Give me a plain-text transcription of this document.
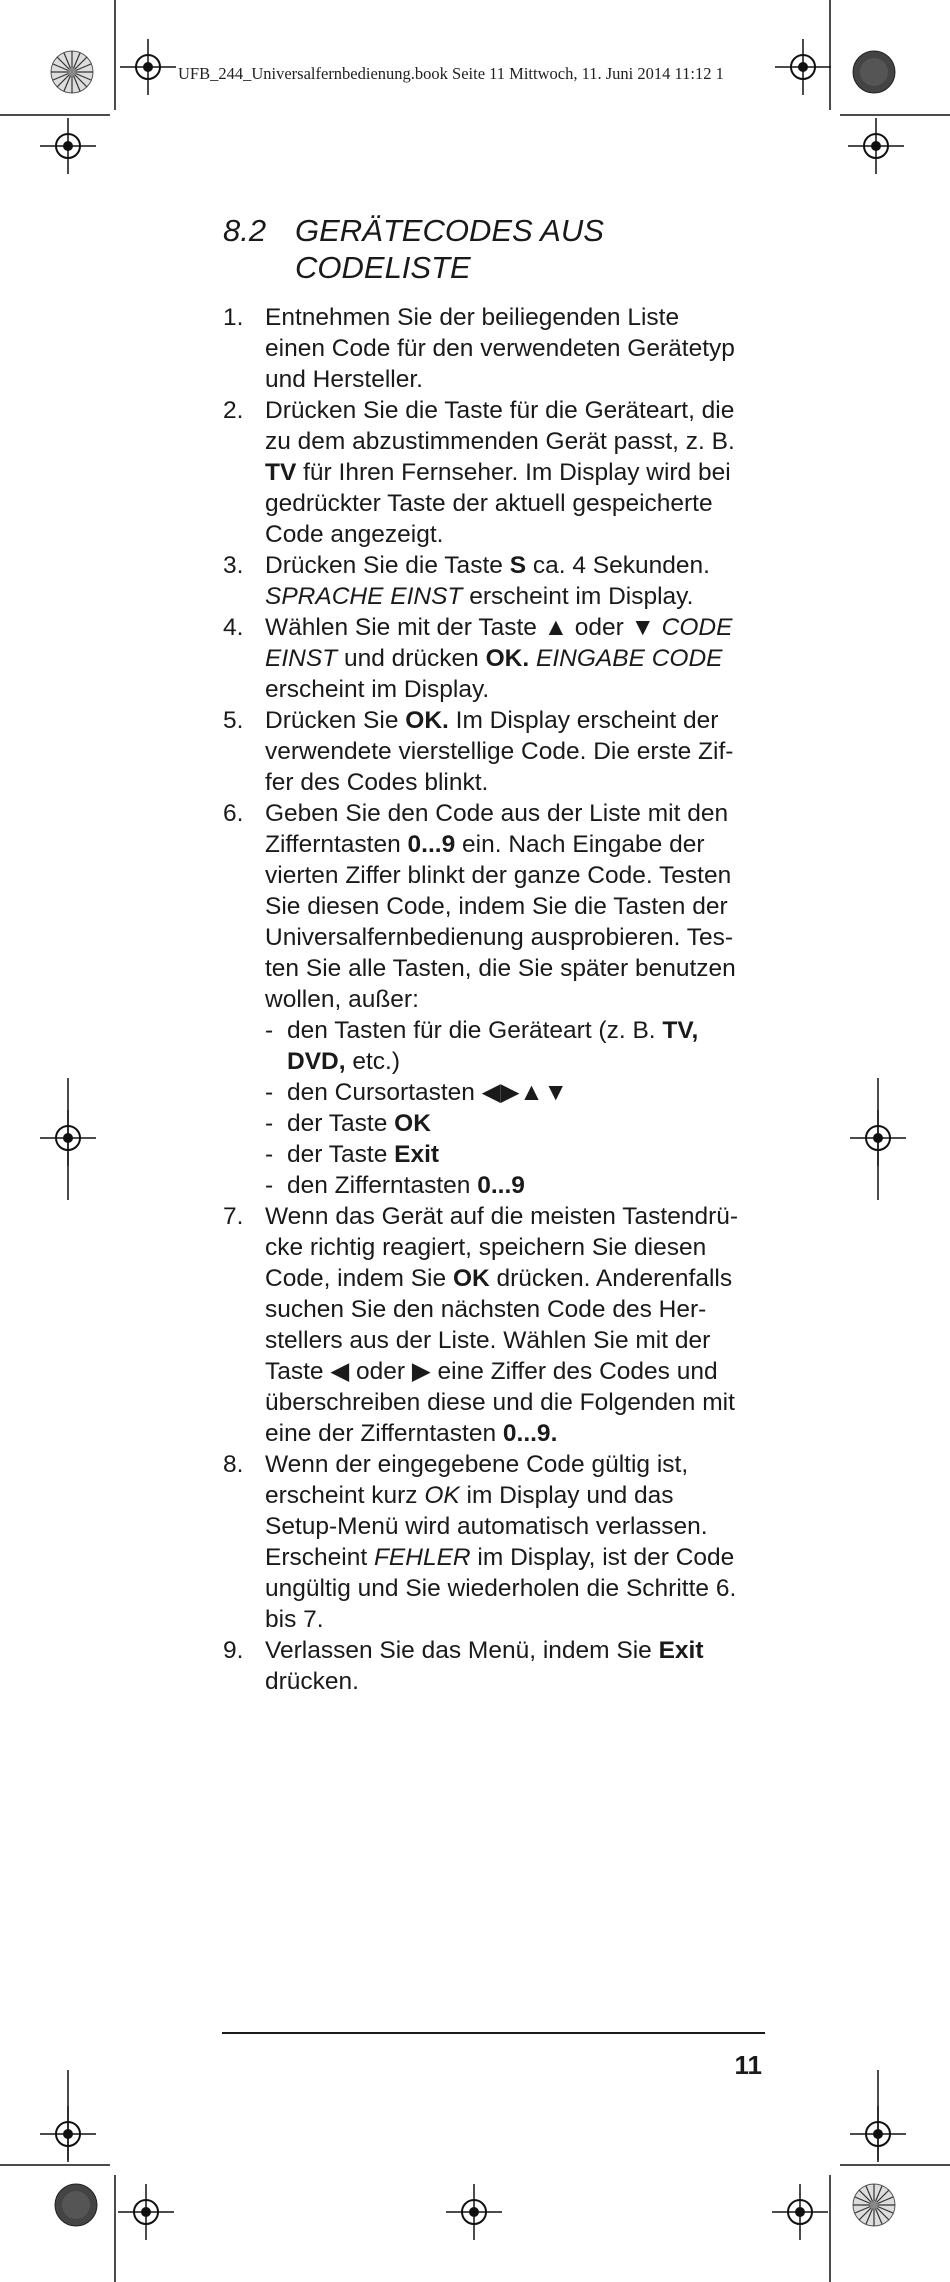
UFB_244_Universalfernbedienung.book Seite 11 Mittwoch, 11. Juni 2014 11:12 1
8.2 GERÄTECODES AUS
CODELISTE
1. Entnehmen Sie der beiliegenden Liste
einen Code für den verwendeten Gerätetyp
und Hersteller.
2. Drücken Sie die Taste für die Geräteart, die
zu dem abzustimmenden Gerät passt, z. B.
TV für Ihren Fernseher. Im Display wird bei
gedrückter Taste der aktuell gespeicherte
Code angezeigt.
3. Drücken Sie die Taste S ca. 4 Sekunden.
SPRACHE EINST erscheint im Display.
4. Wählen Sie mit der Taste ▲ oder ▼ CODE
EINST und drücken OK. EINGABE CODE
erscheint im Display.
5. Drücken Sie OK. Im Display erscheint der
verwendete vierstellige Code. Die erste Zif-
fer des Codes blinkt.
6. Geben Sie den Code aus der Liste mit den
Zifferntasten 0...9 ein. Nach Eingabe der
vierten Ziffer blinkt der ganze Code. Testen
Sie diesen Code, indem Sie die Tasten der
Universalfernbedienung ausprobieren. Tes-
ten Sie alle Tasten, die Sie später benutzen
wollen, außer:
- den Tasten für die Geräteart (z. B. TV,
DVD, etc.)
- den Cursortasten ◀▶▲▼
- der Taste OK
- der Taste Exit
- den Zifferntasten 0...9
7. Wenn das Gerät auf die meisten Tastendrü-
cke richtig reagiert, speichern Sie diesen
Code, indem Sie OK drücken. Anderenfalls
suchen Sie den nächsten Code des Her-
stellers aus der Liste. Wählen Sie mit der
Taste ◀ oder ▶ eine Ziffer des Codes und
überschreiben diese und die Folgenden mit
eine der Zifferntasten 0...9.
8. Wenn der eingegebene Code gültig ist,
erscheint kurz OK im Display und das
Setup-Menü wird automatisch verlassen.
Erscheint FEHLER im Display, ist der Code
ungültig und Sie wiederholen die Schritte 6.
bis 7.
9. Verlassen Sie das Menü, indem Sie Exit
drücken.
11
